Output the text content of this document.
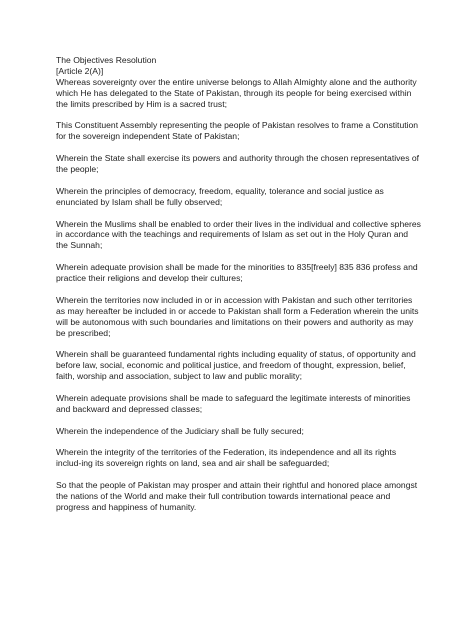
The Objectives Resolution
[Article 2(A)]
Whereas sovereignty over the entire universe belongs to Allah Almighty alone and the authority
which He has delegated to the State of Pakistan, through its people for being exercised within
the limits prescribed by Him is a sacred trust;
This Constituent Assembly representing the people of Pakistan resolves to frame a Constitution
for the sovereign independent State of Pakistan;
Wherein the State shall exercise its powers and authority through the chosen representatives of
the people;
Wherein the principles of democracy, freedom, equality, tolerance and social justice as
enunciated by Islam shall be fully observed;
Wherein the Muslims shall be enabled to order their lives in the individual and collective spheres
in accordance with the teachings and requirements of Islam as set out in the Holy Quran and
the Sunnah;
Wherein adequate provision shall be made for the minorities to 835[freely] 835 836 profess and
practice their religions and develop their cultures;
Wherein the territories now included in or in accession with Pakistan and such other territories
as may hereafter be included in or accede to Pakistan shall form a Federation wherein the units
will be autonomous with such boundaries and limitations on their powers and authority as may
be prescribed;
Wherein shall be guaranteed fundamental rights including equality of status, of opportunity and
before law, social, economic and political justice, and freedom of thought, expression, belief,
faith, worship and association, subject to law and public morality;
Wherein adequate provisions shall be made to safeguard the legitimate interests of minorities
and backward and depressed classes;
Wherein the independence of the Judiciary shall be fully secured;
Wherein the integrity of the territories of the Federation, its independence and all its rights
includ-ing its sovereign rights on land, sea and air shall be safeguarded;
So that the people of Pakistan may prosper and attain their rightful and honored place amongst
the nations of the World and make their full contribution towards international peace and
progress and happiness of humanity.
